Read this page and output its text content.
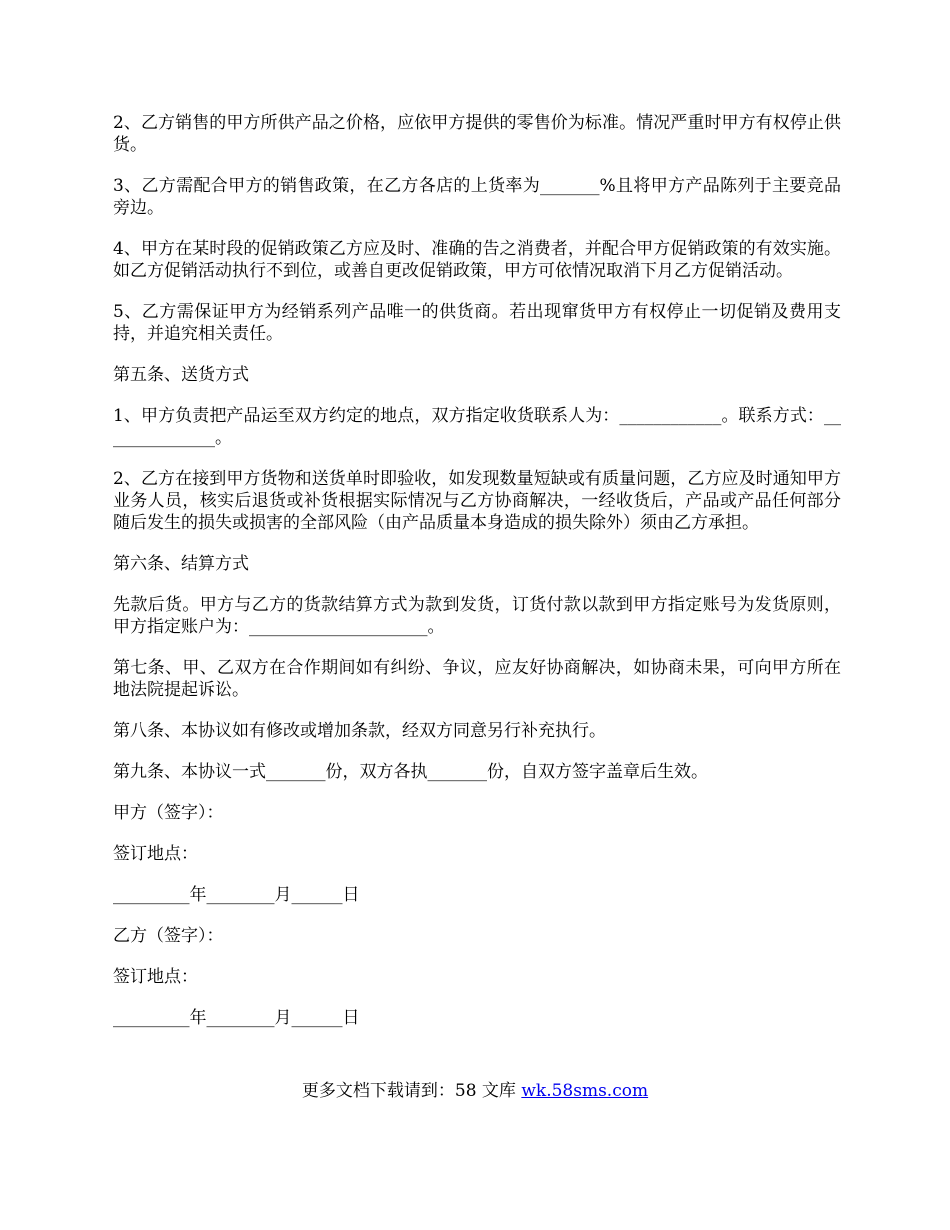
2、乙方销售的甲方所供产品之价格，应依甲方提供的零售价为标准。情况严重时甲方有权停止供货。

3、乙方需配合甲方的销售政策，在乙方各店的上货率为_______%且将甲方产品陈列于主要竞品旁边。

4、甲方在某时段的促销政策乙方应及时、准确的告之消费者，并配合甲方促销政策的有效实施。如乙方促销活动执行不到位，或善自更改促销政策，甲方可依情况取消下月乙方促销活动。

5、乙方需保证甲方为经销系列产品唯一的供货商。若出现窜货甲方有权停止一切促销及费用支持，并追究相关责任。

第五条、送货方式

1、甲方负责把产品运至双方约定的地点，双方指定收货联系人为：____________。联系方式：______________。

2、乙方在接到甲方货物和送货单时即验收，如发现数量短缺或有质量问题，乙方应及时通知甲方业务人员，核实后退货或补货根据实际情况与乙方协商解决，一经收货后，产品或产品任何部分随后发生的损失或损害的全部风险（由产品质量本身造成的损失除外）须由乙方承担。

第六条、结算方式

先款后货。甲方与乙方的货款结算方式为款到发货，订货付款以款到甲方指定账号为发货原则，甲方指定账户为：_____________________。

第七条、甲、乙双方在合作期间如有纠纷、争议，应友好协商解决，如协商未果，可向甲方所在地法院提起诉讼。

第八条、本协议如有修改或增加条款，经双方同意另行补充执行。

第九条、本协议一式_______份，双方各执_______份，自双方签字盖章后生效。

甲方（签字）：

签订地点：

_________年________月______日

乙方（签字）：

签订地点：

_________年________月______日

更多文档下载请到：58 文库 wk.58sms.com
